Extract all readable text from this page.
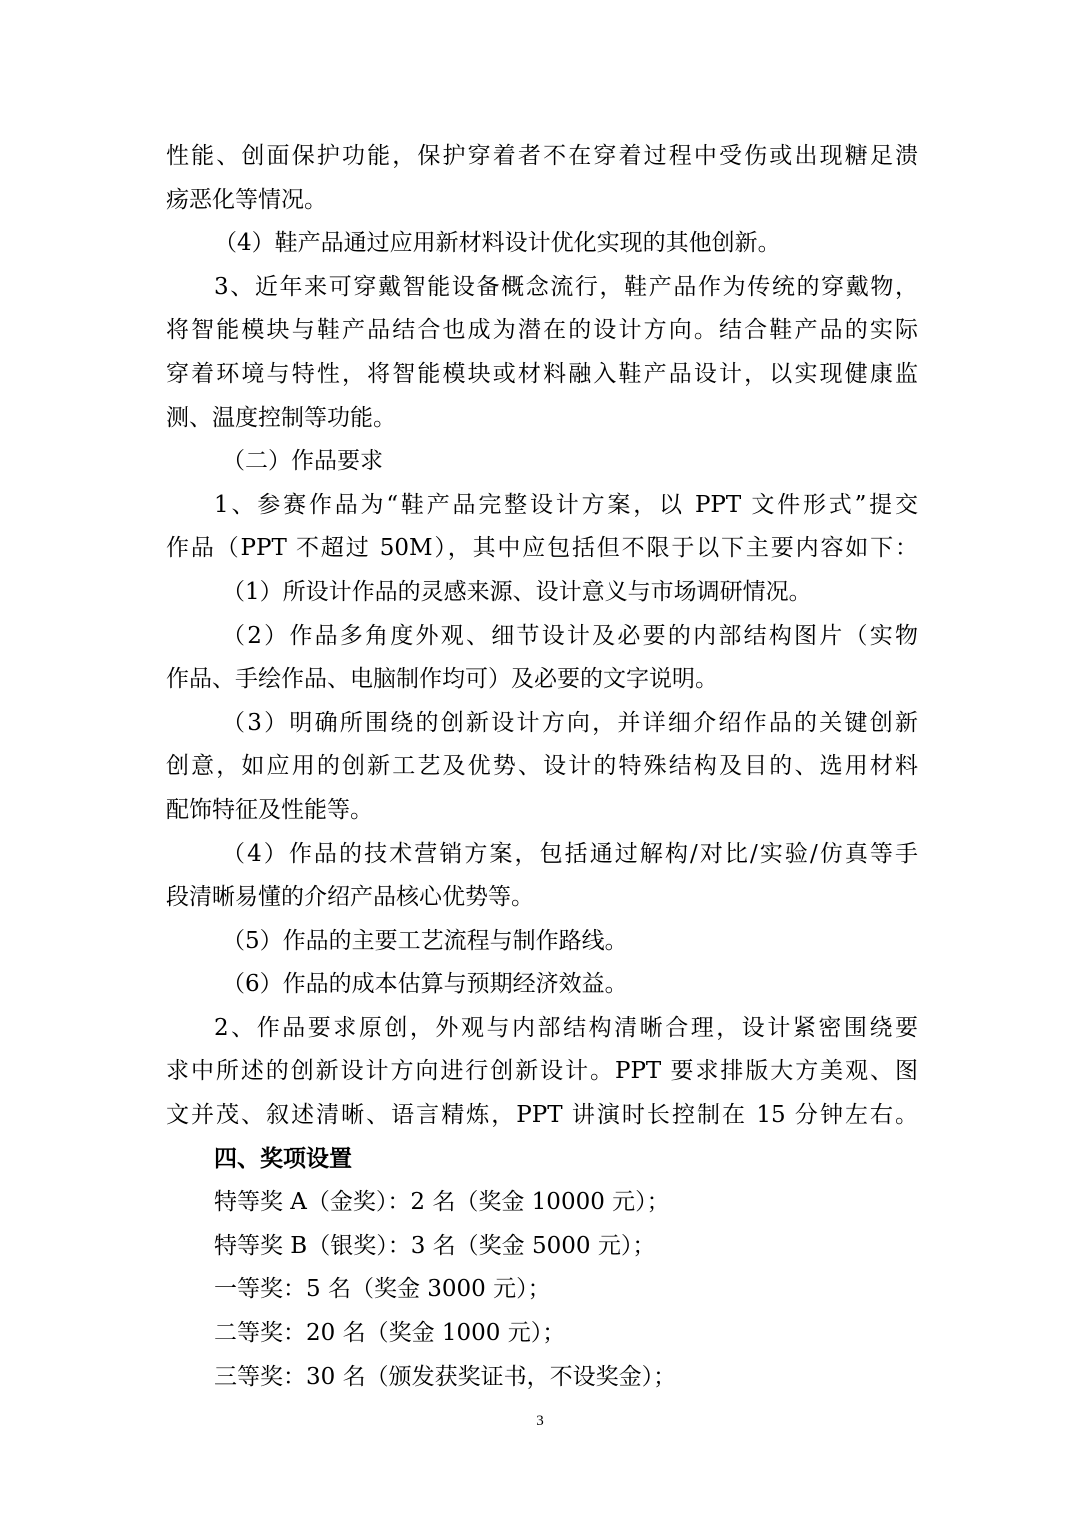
性能、创面保护功能，保护穿着者不在穿着过程中受伤或出现糖足溃
疡恶化等情况。
（4）鞋产品通过应用新材料设计优化实现的其他创新。
3、近年来可穿戴智能设备概念流行，鞋产品作为传统的穿戴物，
将智能模块与鞋产品结合也成为潜在的设计方向。结合鞋产品的实际
穿着环境与特性，将智能模块或材料融入鞋产品设计，以实现健康监
测、温度控制等功能。
（二）作品要求
1、参赛作品为“鞋产品完整设计方案，以 PPT 文件形式”提交
作品（PPT 不超过 50M），其中应包括但不限于以下主要内容如下：
（1）所设计作品的灵感来源、设计意义与市场调研情况。
（2）作品多角度外观、细节设计及必要的内部结构图片（实物
作品、手绘作品、电脑制作均可）及必要的文字说明。
（3）明确所围绕的创新设计方向，并详细介绍作品的关键创新
创意，如应用的创新工艺及优势、设计的特殊结构及目的、选用材料
配饰特征及性能等。
（4）作品的技术营销方案，包括通过解构/对比/实验/仿真等手
段清晰易懂的介绍产品核心优势等。
（5）作品的主要工艺流程与制作路线。
（6）作品的成本估算与预期经济效益。
2、作品要求原创，外观与内部结构清晰合理，设计紧密围绕要
求中所述的创新设计方向进行创新设计。PPT 要求排版大方美观、图
文并茂、叙述清晰、语言精炼，PPT 讲演时长控制在 15 分钟左右。
四、奖项设置
特等奖 A（金奖）：2 名（奖金 10000 元）；
特等奖 B（银奖）：3 名（奖金 5000 元）；
一等奖：5 名（奖金 3000 元）；
二等奖：20 名（奖金 1000 元）；
三等奖：30 名（颁发获奖证书，不设奖金）；
3
